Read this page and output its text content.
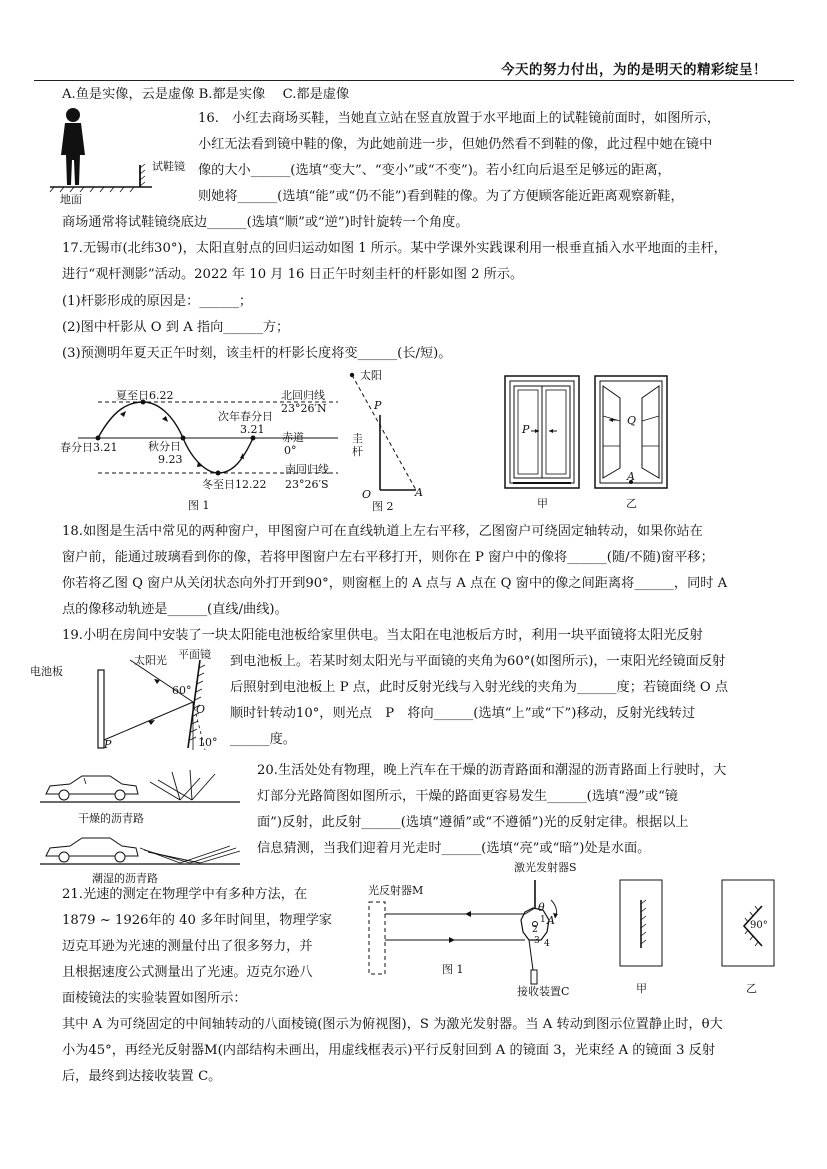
今天的努力付出，为的是明天的精彩绽呈！
A.鱼是实像，云是虚像 B.都是实像　 C.都是虚像
试鞋镜
地面
16.　小红去商场买鞋，当她直立站在竖直放置于水平地面上的试鞋镜前面时，如图所示，
小红无法看到镜中鞋的像，为此她前进一步，但她仍然看不到鞋的像，此过程中她在镜中
像的大小______(选填“变大”、“变小”或“不变”)。若小红向后退至足够远的距离，
则她将______(选填“能”或“仍不能”)看到鞋的像。为了方便顾客能近距离观察新鞋，
商场通常将试鞋镜绕底边______(选填“顺”或“逆”)时针旋转一个角度。
17.无锡市(北纬30°)，太阳直射点的回归运动如图 1 所示。某中学课外实践课利用一根垂直插入水平地面的圭杆，
进行“观杆测影”活动。2022 年 10 月 16 日正午时刻圭杆的杆影如图 2 所示。
(1)杆影形成的原因是：______；
(2)图中杆影从 O 到 A 指向______方；
(3)预测明年夏天正午时刻，该圭杆的杆影长度将变______(长/短)。
夏至日6.22	北回归线
23°26′N
次年春分日
3.21
春分日3.21	秋分日
9.23
赤道
0°
南回归线
冬至日12.22 23°26′S
图 1
太阳
P
圭杆
O	A
图 2
P
Q
A
甲	乙
18.如图是生活中常见的两种窗户，甲图窗户可在直线轨道上左右平移，乙图窗户可绕固定轴转动，如果你站在
窗户前，能通过玻璃看到你的像，若将甲图窗户左右平移打开，则你在 P 窗户中的像将______(随/不随)窗平移；
你若将乙图 Q 窗户从关闭状态向外打开到90°，则窗框上的 A 点与 A 点在 Q 窗中的像之间距离将______，同时 A
点的像移动轨迹是______(直线/曲线)。
19.小明在房间中安装了一块太阳能电池板给家里供电。当太阳在电池板后方时，利用一块平面镜将太阳光反射
电池板
太阳光 平面镜
60°
O
P	10°
到电池板上。若某时刻太阳光与平面镜的夹角为60°(如图所示)，一束阳光经镜面反射
后照射到电池板上 P 点，此时反射光线与入射光线的夹角为______度；若镜面绕 O 点
顺时针转动10°，则光点　P　将向______(选填“上”或“下”)移动，反射光线转过
______度。
干燥的沥青路
潮湿的沥青路
20.生活处处有物理，晚上汽车在干燥的沥青路面和潮湿的沥青路面上行驶时，大
灯部分光路简图如图所示，干燥的路面更容易发生______(选填“漫”或“镜
面”)反射，此反射______(选填“遵循”或“不遵循”)光的反射定律。根据以上
信息猜测，当我们迎着月光走时______(选填“亮”或“暗”)处是水面。
21.光速的测定在物理学中有多种方法，在
1879 ~ 1926年的 40 多年时间里，物理学家
迈克耳逊为光速的测量付出了很多努力，并
且根据速度公式测量出了光速。迈克尔逊八
面棱镜法的实验装置如图所示：
光反射器M
激光发射器S
θ
A
1
2
3 4
图 1
接收装置C	甲
90°
乙
其中 A 为可绕固定的中间轴转动的八面棱镜(图示为俯视图)，S 为激光发射器。当 A 转动到图示位置静止时，θ大
小为45°，再经光反射器M(内部结构未画出，用虚线框表示)平行反射回到 A 的镜面 3，光束经 A 的镜面 3 反射
后，最终到达接收装置 C。
